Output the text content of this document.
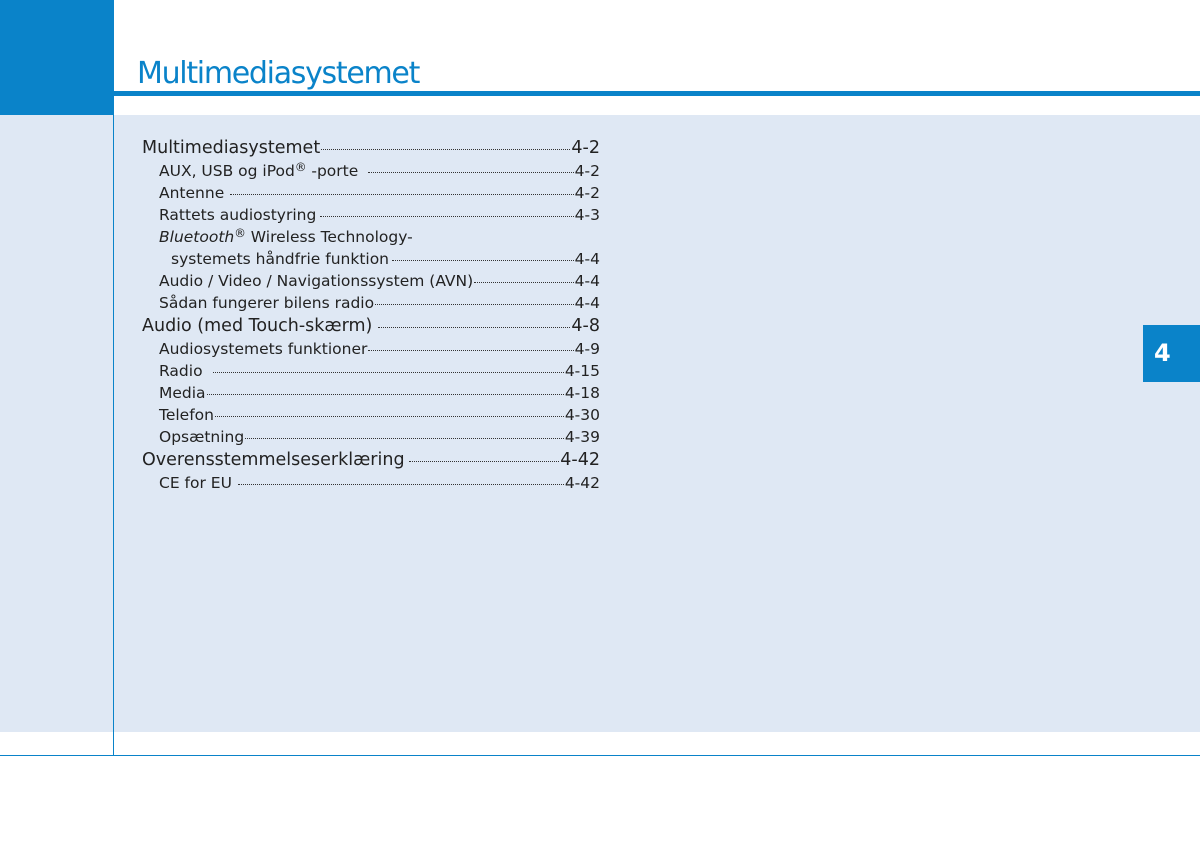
Multimediasystemet
4
Multimediasystemet	4-2
AUX, USB og iPod® -porte	4-2
Antenne	4-2
Rattets audiostyring	4-3
Bluetooth® Wireless Technology-
systemets håndfrie funktion	4-4
Audio / Video / Navigationssystem (AVN)	4-4
Sådan fungerer bilens radio	4-4
Audio (med Touch-skærm)	4-8
Audiosystemets funktioner	4-9
Radio	4-15
Media	4-18
Telefon	4-30
Opsætning	4-39
Overensstemmelseserklæring	4-42
CE for EU	4-42
